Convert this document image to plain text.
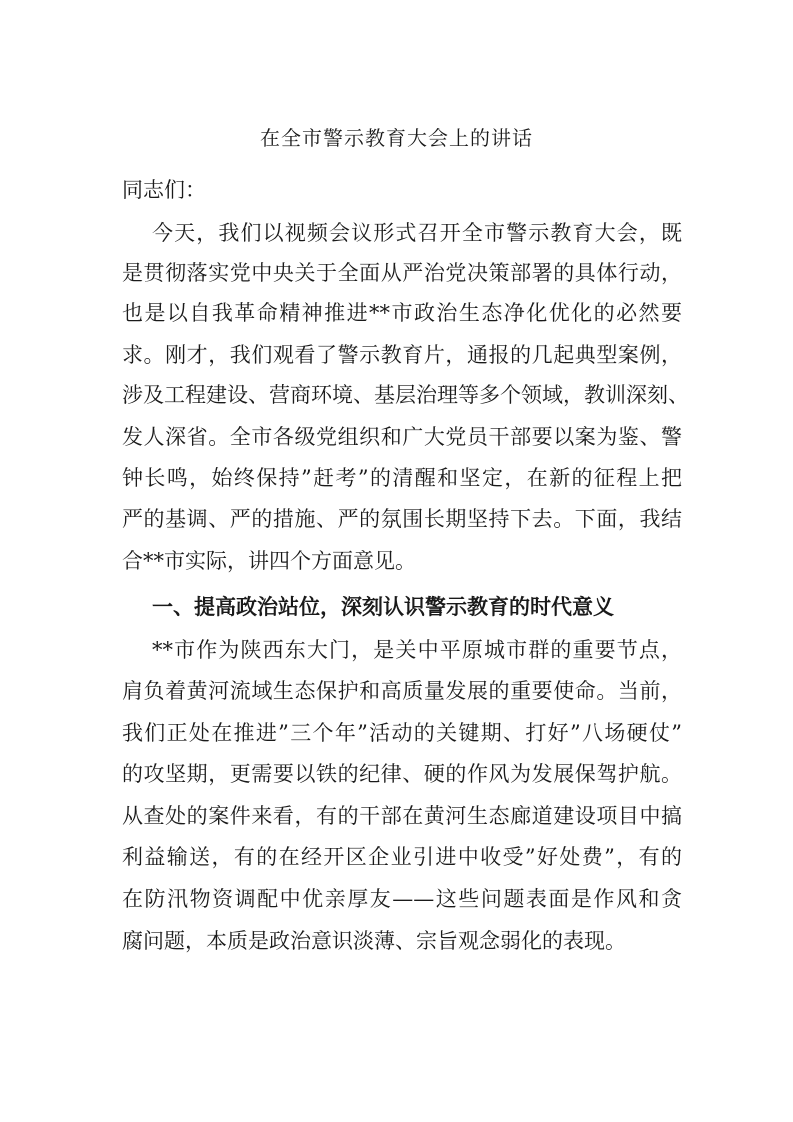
在全市警示教育大会上的讲话
同志们：
今天，我们以视频会议形式召开全市警示教育大会，既
是贯彻落实党中央关于全面从严治党决策部署的具体行动，
也是以自我革命精神推进**市政治生态净化优化的必然要
求。刚才，我们观看了警示教育片，通报的几起典型案例，
涉及工程建设、营商环境、基层治理等多个领域，教训深刻、
发人深省。全市各级党组织和广大党员干部要以案为鉴、警
钟长鸣，始终保持”赶考”的清醒和坚定，在新的征程上把
严的基调、严的措施、严的氛围长期坚持下去。下面，我结
合**市实际，讲四个方面意见。
一、提高政治站位，深刻认识警示教育的时代意义
**市作为陕西东大门，是关中平原城市群的重要节点，
肩负着黄河流域生态保护和高质量发展的重要使命。当前，
我们正处在推进”三个年”活动的关键期、打好”八场硬仗”
的攻坚期，更需要以铁的纪律、硬的作风为发展保驾护航。
从查处的案件来看，有的干部在黄河生态廊道建设项目中搞
利益输送，有的在经开区企业引进中收受”好处费”，有的
在防汛物资调配中优亲厚友——这些问题表面是作风和贪
腐问题，本质是政治意识淡薄、宗旨观念弱化的表现。
